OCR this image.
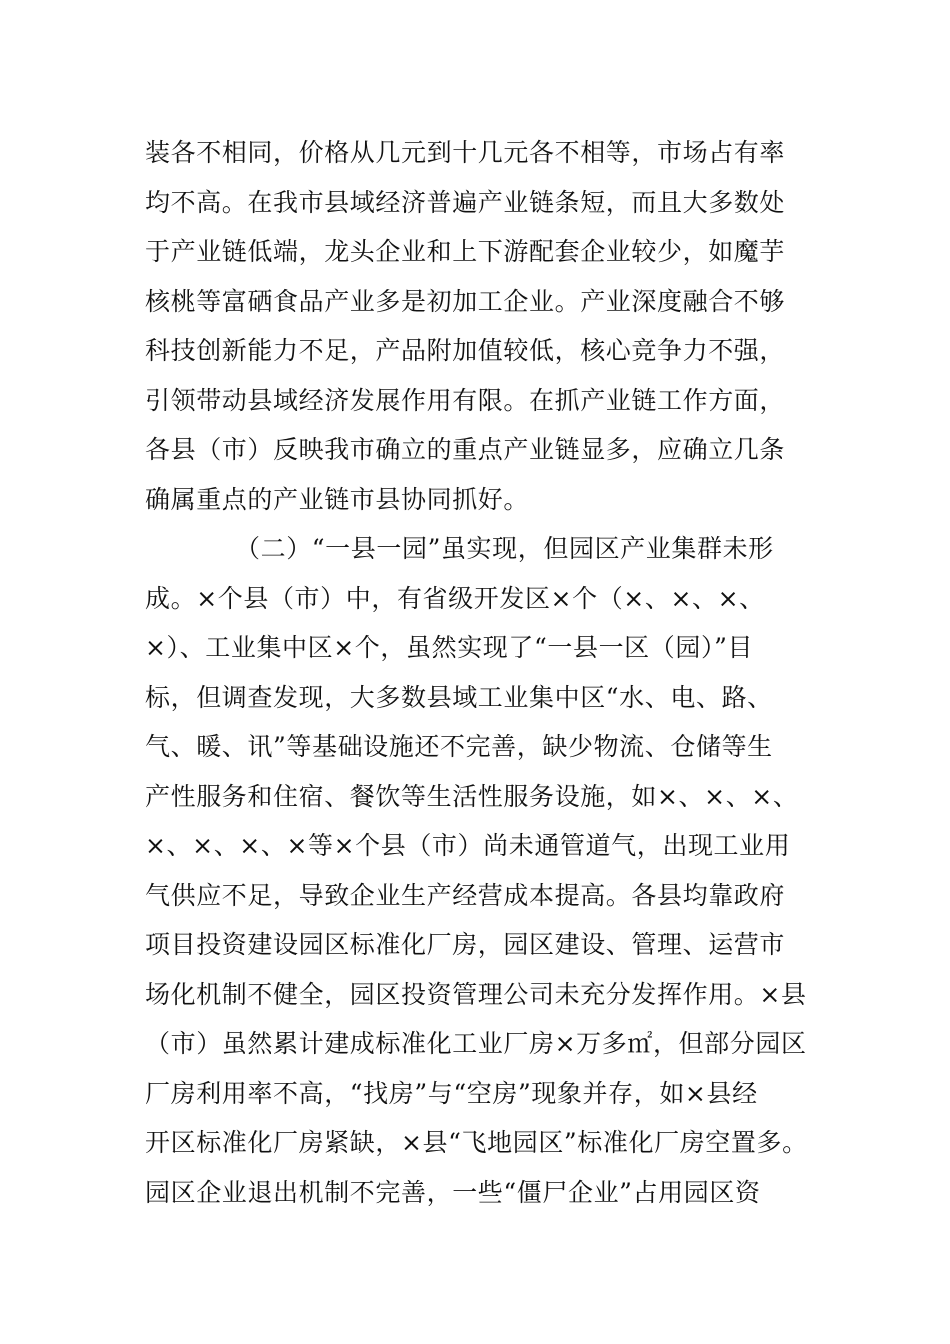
装各不相同，价格从几元到十几元各不相等，市场占有率
均不高。在我市县域经济普遍产业链条短，而且大多数处
于产业链低端，龙头企业和上下游配套企业较少，如魔芋
核桃等富硒食品产业多是初加工企业。产业深度融合不够
科技创新能力不足，产品附加值较低，核心竞争力不强，
引领带动县域经济发展作用有限。在抓产业链工作方面，
各县（市）反映我市确立的重点产业链显多，应确立几条
确属重点的产业链市县协同抓好。
（二）“一县一园”虽实现，但园区产业集群未形
成。×个县（市）中，有省级开发区×个（×、×、×、
×）、工业集中区×个，虽然实现了“一县一区（园）”目
标，但调查发现，大多数县域工业集中区“水、电、路、
气、暖、讯”等基础设施还不完善，缺少物流、仓储等生
产性服务和住宿、餐饮等生活性服务设施，如×、×、×、
×、×、×、×等×个县（市）尚未通管道气，出现工业用
气供应不足，导致企业生产经营成本提高。各县均靠政府
项目投资建设园区标准化厂房，园区建设、管理、运营市
场化机制不健全，园区投资管理公司未充分发挥作用。×县
（市）虽然累计建成标准化工业厂房×万多㎡，但部分园区
厂房利用率不高，“找房”与“空房”现象并存，如×县经
开区标准化厂房紧缺，×县“飞地园区”标准化厂房空置多。
园区企业退出机制不完善，一些“僵尸企业”占用园区资
